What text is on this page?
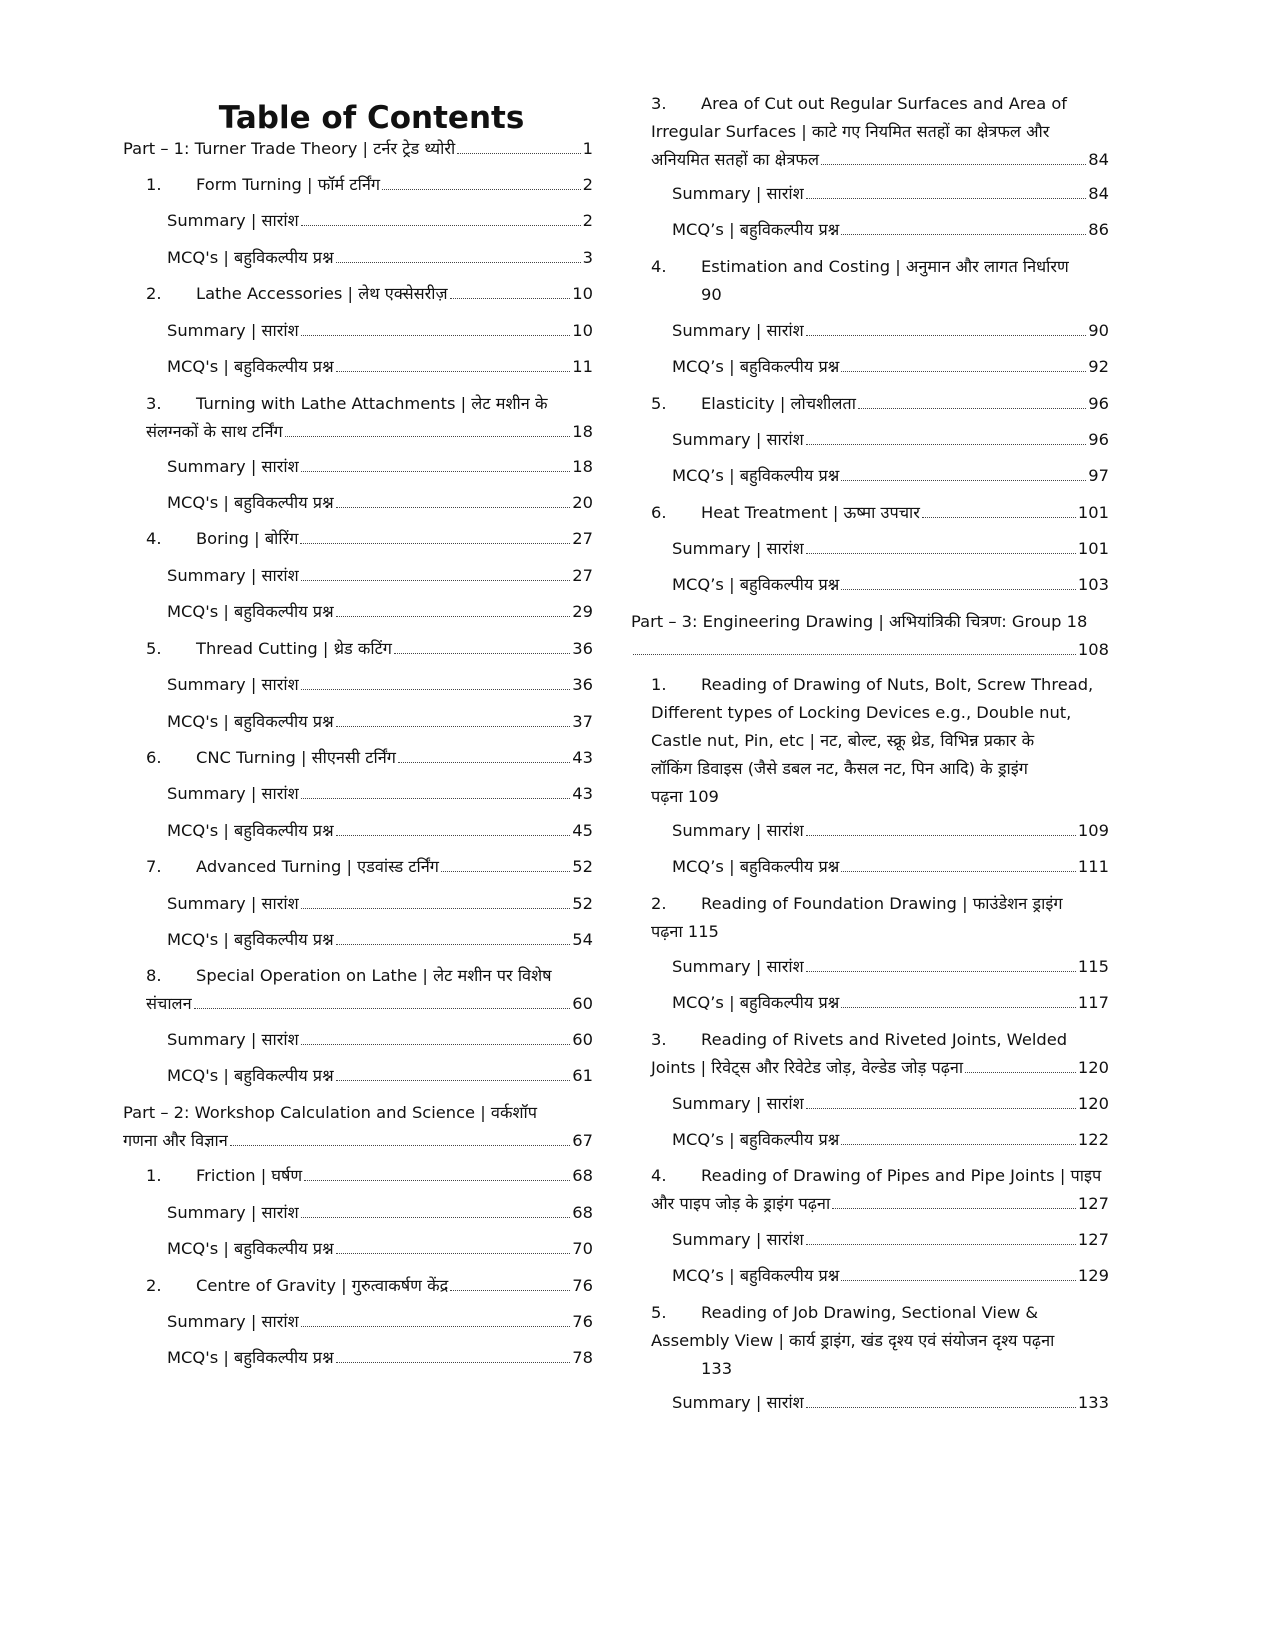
Table of Contents
Part – 1: Turner Trade Theory | टर्नर ट्रेड थ्योरी	1
1. Form Turning | फॉर्म टर्निंग	2
Summary | सारांश	2
MCQ's | बहुविकल्पीय प्रश्न	3
2. Lathe Accessories | लेथ एक्सेसरीज़	10
Summary | सारांश	10
MCQ's | बहुविकल्पीय प्रश्न	11
3. Turning with Lathe Attachments | लेट मशीन के
संलग्नकों के साथ टर्निंग	18
Summary | सारांश	18
MCQ's | बहुविकल्पीय प्रश्न	20
4. Boring | बोरिंग	27
Summary | सारांश	27
MCQ's | बहुविकल्पीय प्रश्न	29
5. Thread Cutting | थ्रेड कटिंग	36
Summary | सारांश	36
MCQ's | बहुविकल्पीय प्रश्न	37
6. CNC Turning | सीएनसी टर्निंग	43
Summary | सारांश	43
MCQ's | बहुविकल्पीय प्रश्न	45
7. Advanced Turning | एडवांस्ड टर्निंग	52
Summary | सारांश	52
MCQ's | बहुविकल्पीय प्रश्न	54
8. Special Operation on Lathe | लेट मशीन पर विशेष
संचालन	60
Summary | सारांश	60
MCQ's | बहुविकल्पीय प्रश्न	61
Part – 2: Workshop Calculation and Science | वर्कशॉप
गणना और विज्ञान	67
1. Friction | घर्षण	68
Summary | सारांश	68
MCQ's | बहुविकल्पीय प्रश्न	70
2. Centre of Gravity | गुरुत्वाकर्षण केंद्र	76
Summary | सारांश	76
MCQ's | बहुविकल्पीय प्रश्न	78
3. Area of Cut out Regular Surfaces and Area of
Irregular Surfaces | काटे गए नियमित सतहों का क्षेत्रफल और
अनियमित सतहों का क्षेत्रफल	84
Summary | सारांश	84
MCQ’s | बहुविकल्पीय प्रश्न	86
4. Estimation and Costing | अनुमान और लागत निर्धारण
90
Summary | सारांश	90
MCQ’s | बहुविकल्पीय प्रश्न	92
5. Elasticity | लोचशीलता	96
Summary | सारांश	96
MCQ’s | बहुविकल्पीय प्रश्न	97
6. Heat Treatment | ऊष्मा उपचार	101
Summary | सारांश	101
MCQ’s | बहुविकल्पीय प्रश्न	103
Part – 3: Engineering Drawing | अभियांत्रिकी चित्रण: Group 18
108
1. Reading of Drawing of Nuts, Bolt, Screw Thread,
Different types of Locking Devices e.g., Double nut,
Castle nut, Pin, etc | नट, बोल्ट, स्क्रू थ्रेड, विभिन्न प्रकार के
लॉकिंग डिवाइस (जैसे डबल नट, कैसल नट, पिन आदि) के ड्राइंग
पढ़ना 109
Summary | सारांश	109
MCQ’s | बहुविकल्पीय प्रश्न	111
2. Reading of Foundation Drawing | फाउंडेशन ड्राइंग
पढ़ना 115
Summary | सारांश	115
MCQ’s | बहुविकल्पीय प्रश्न	117
3. Reading of Rivets and Riveted Joints, Welded
Joints | रिवेट्स और रिवेटेड जोड़, वेल्डेड जोड़ पढ़ना	120
Summary | सारांश	120
MCQ’s | बहुविकल्पीय प्रश्न	122
4. Reading of Drawing of Pipes and Pipe Joints | पाइप
और पाइप जोड़ के ड्राइंग पढ़ना	127
Summary | सारांश	127
MCQ’s | बहुविकल्पीय प्रश्न	129
5. Reading of Job Drawing, Sectional View &
Assembly View | कार्य ड्राइंग, खंड दृश्य एवं संयोजन दृश्य पढ़ना
133
Summary | सारांश	133
